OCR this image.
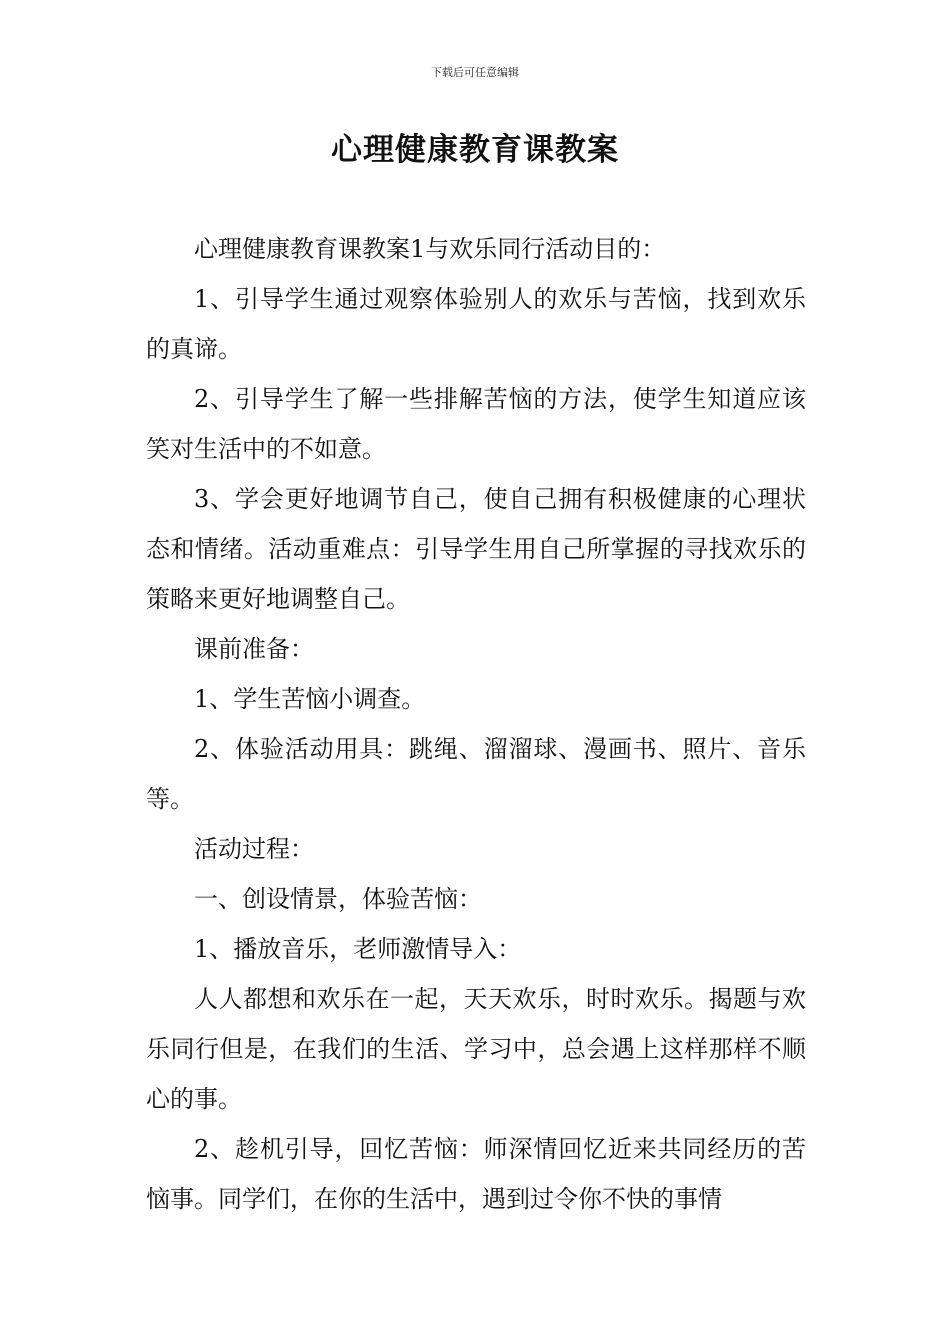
下载后可任意编辑
心理健康教育课教案

心理健康教育课教案1与欢乐同行活动目的：

1、引导学生通过观察体验别人的欢乐与苦恼，找到欢乐的真谛。

2、引导学生了解一些排解苦恼的方法，使学生知道应该笑对生活中的不如意。

3、学会更好地调节自己，使自己拥有积极健康的心理状态和情绪。活动重难点：引导学生用自己所掌握的寻找欢乐的策略来更好地调整自己。

课前准备：

1、学生苦恼小调查。

2、体验活动用具：跳绳、溜溜球、漫画书、照片、音乐等。

活动过程：

一、创设情景，体验苦恼：

1、播放音乐，老师激情导入：

人人都想和欢乐在一起，天天欢乐，时时欢乐。揭题与欢乐同行但是，在我们的生活、学习中，总会遇上这样那样不顺心的事。

2、趁机引导，回忆苦恼：师深情回忆近来共同经历的苦恼事。同学们，在你的生活中，遇到过令你不快的事情
